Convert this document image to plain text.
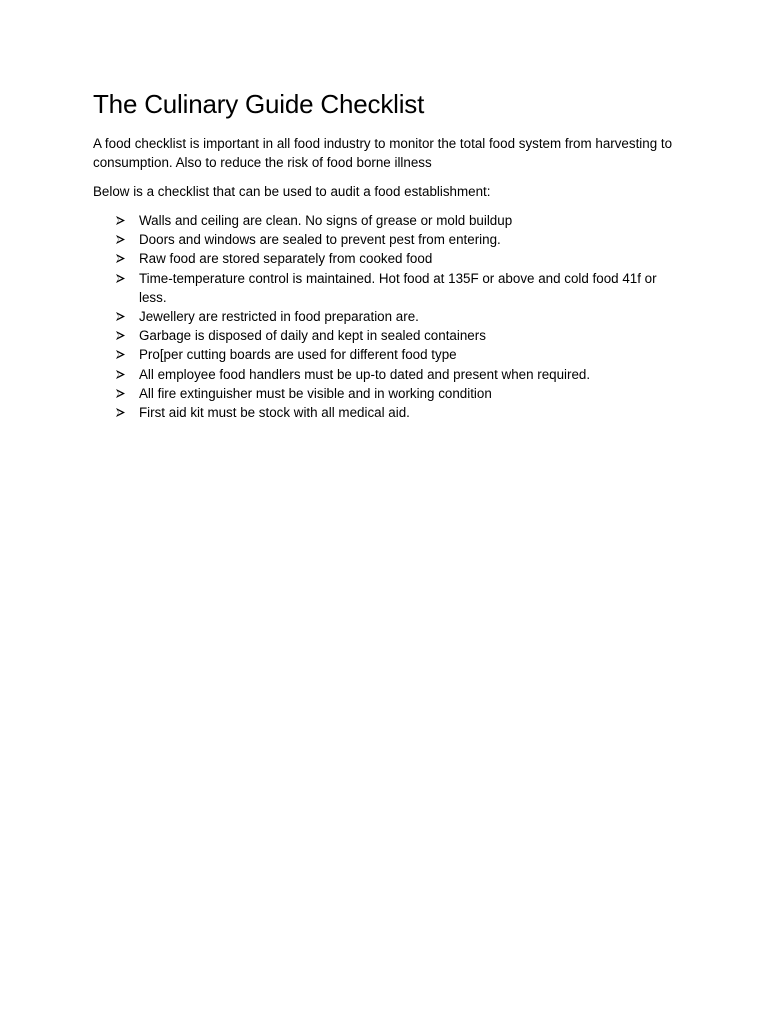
The Culinary Guide Checklist

A food checklist is important in all food industry to monitor the total food system from harvesting to consumption. Also to reduce the risk of food borne illness

Below is a checklist that can be used to audit a food establishment:

Walls and ceiling are clean. No signs of grease or mold buildup
Doors and windows are sealed to prevent pest from entering.
Raw food are stored separately from cooked food
Time-temperature control is maintained. Hot food at 135F or above and cold food 41f or less.
Jewellery are restricted in food preparation are.
Garbage is disposed of daily and kept in sealed containers
Pro[per cutting boards are used for different food type
All employee food handlers must be up-to dated and present when required.
All fire extinguisher must be visible and in working condition
First aid kit must be stock with all medical aid.
